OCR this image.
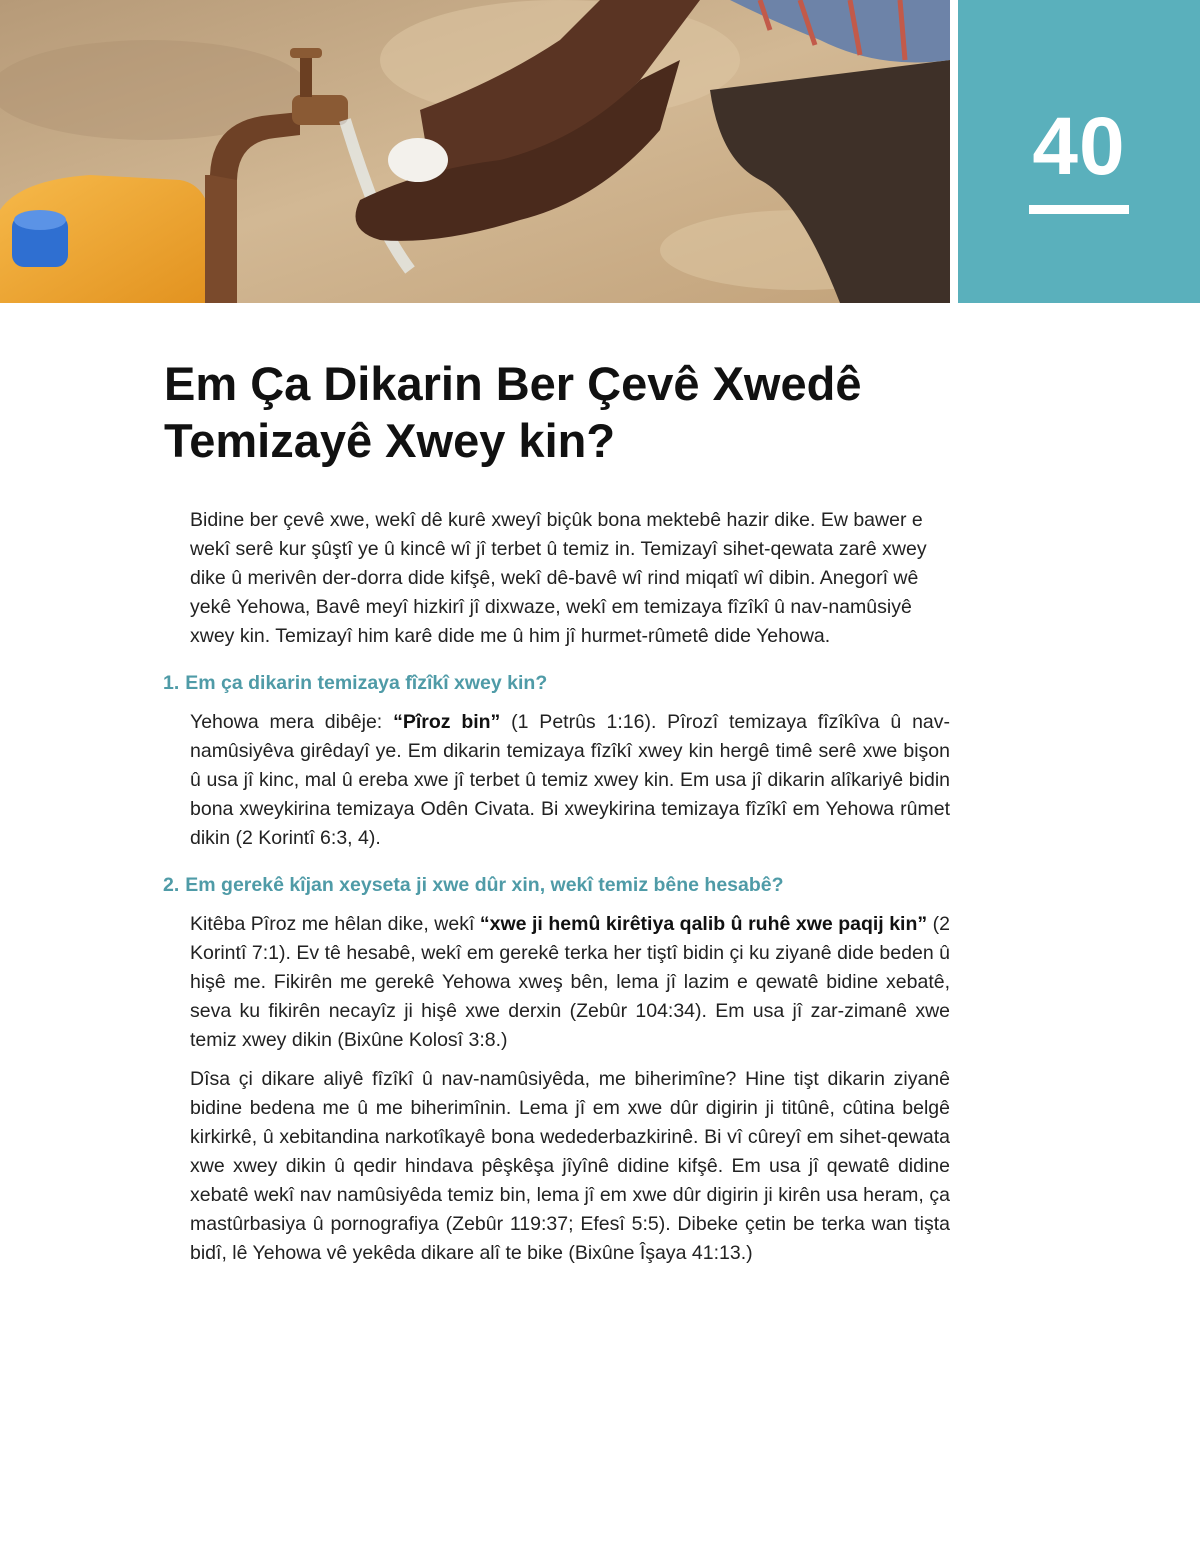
40
Em Ça Dikarin Ber Çevê Xwedê
Temizayê Xwey kin?

Bidine ber çevê xwe, wekî dê kurê xweyî biçûk bona mektebê hazir dike. Ew bawer e wekî serê kur şûştî ye û kincê wî jî terbet û temiz in. Temizayî sihet-qewata zarê xwey dike û merivên der-dorra dide kifşê, wekî dê-bavê wî rind miqatî wî dibin. Anegorî wê yekê Yehowa, Bavê meyî hizkirî jî dixwaze, wekî em temizaya fîzîkî û nav-namûsiyê xwey kin. Temizayî him karê dide me û him jî hurmet-rûmetê dide Yehowa.

1. Em ça dikarin temizaya fîzîkî xwey kin?

Yehowa mera dibêje: “Pîroz bin” (1 Petrûs 1:16). Pîrozî temizaya fîzîkîva û nav-namûsiyêva girêdayî ye. Em dikarin temizaya fîzîkî xwey kin hergê timê serê xwe bişon û usa jî kinc, mal û ereba xwe jî terbet û temiz xwey kin. Em usa jî dikarin alîkariyê bidin bona xweykirina temizaya Odên Civata. Bi xweykirina temizaya fîzîkî em Yehowa rûmet dikin (2 Korintî 6:3, 4).

2. Em gerekê kîjan xeyseta ji xwe dûr xin, wekî temiz bêne hesabê?

Kitêba Pîroz me hêlan dike, wekî “xwe ji hemû kirêtiya qalib û ruhê xwe paqij kin” (2 Korintî 7:1). Ev tê hesabê, wekî em gerekê terka her tiştî bidin çi ku ziyanê dide beden û hişê me. Fikirên me gerekê Yehowa xweş bên, lema jî lazim e qewatê bidine xebatê, seva ku fikirên necayîz ji hişê xwe derxin (Zebûr 104:34). Em usa jî zar-zimanê xwe temiz xwey dikin (Bixûne Kolosî 3:8.)

Dîsa çi dikare aliyê fîzîkî û nav-namûsiyêda, me biherimîne? Hine tişt dikarin ziyanê bidine bedena me û me biherimînin. Lema jî em xwe dûr digirin ji titûnê, cûtina belgê kirkirkê, û xebitandina narkotîkayê bona wedederbazkirinê. Bi vî cûreyî em sihet-qewata xwe xwey dikin û qedir hindava pêşkêşa jîyînê didine kifşê. Em usa jî qewatê didine xebatê wekî nav namûsiyêda temiz bin, lema jî em xwe dûr digirin ji kirên usa heram, ça mastûrbasiya û pornografiya (Zebûr 119:37; Efesî 5:5). Dibeke çetin be terka wan tişta bidî, lê Yehowa vê yekêda dikare alî te bike (Bixûne Îşaya 41:13.)
